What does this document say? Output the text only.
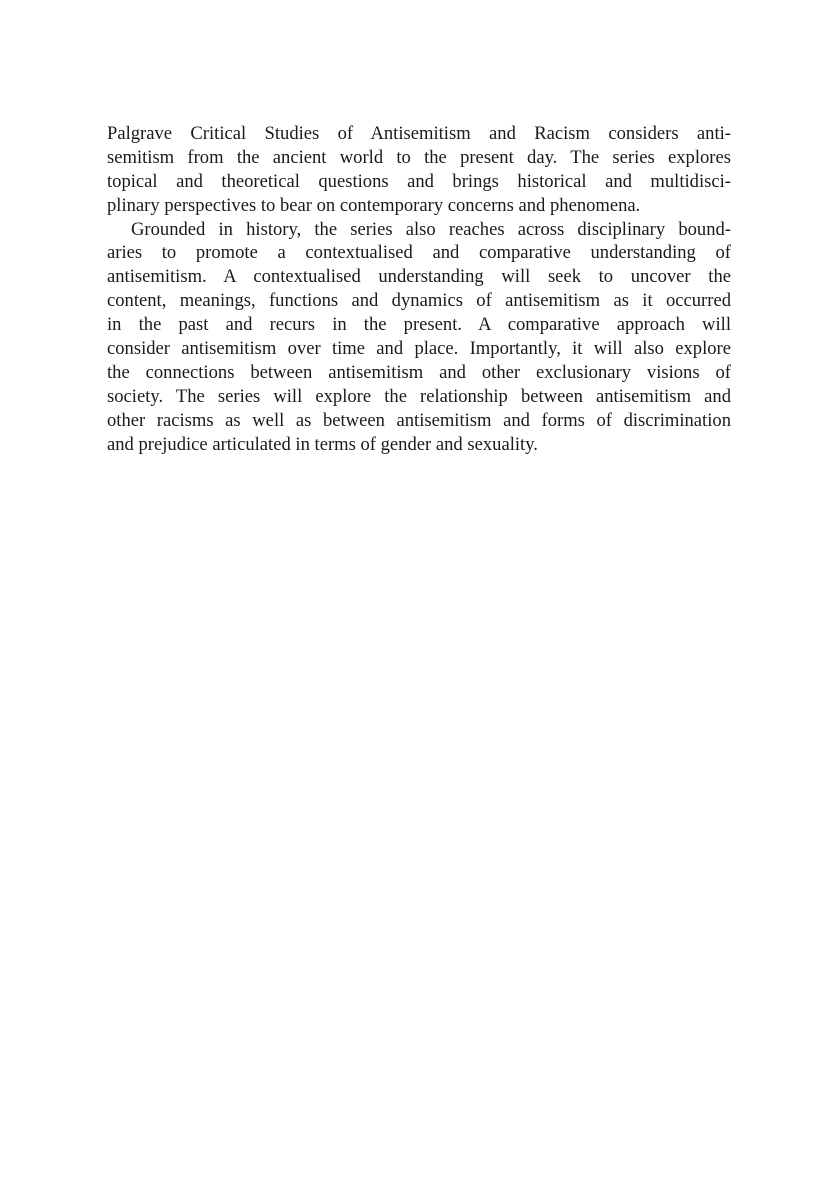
Palgrave Critical Studies of Antisemitism and Racism considers anti-
semitism from the ancient world to the present day. The series explores
topical and theoretical questions and brings historical and multidisci-
plinary perspectives to bear on contemporary concerns and phenomena.
Grounded in history, the series also reaches across disciplinary bound-
aries to promote a contextualised and comparative understanding of
antisemitism. A contextualised understanding will seek to uncover the
content, meanings, functions and dynamics of antisemitism as it occurred
in the past and recurs in the present. A comparative approach will
consider antisemitism over time and place. Importantly, it will also explore
the connections between antisemitism and other exclusionary visions of
society. The series will explore the relationship between antisemitism and
other racisms as well as between antisemitism and forms of discrimination
and prejudice articulated in terms of gender and sexuality.
